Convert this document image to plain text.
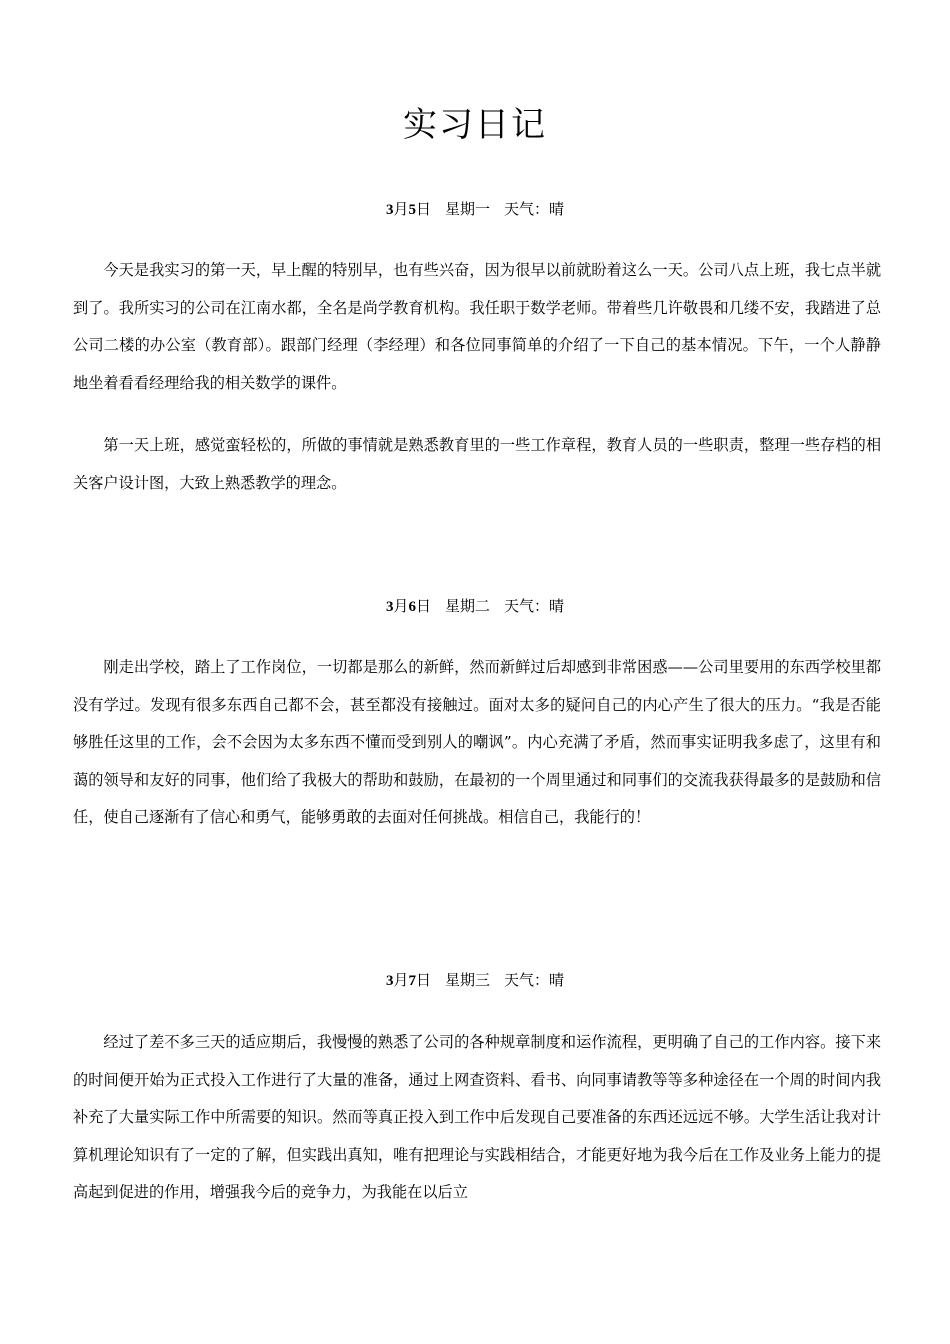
实习日记
3月5日 星期一 天气：晴

今天是我实习的第一天，早上醒的特别早，也有些兴奋，因为很早以前就盼着这么一天。公司八点上班，我七点半就到了。我所实习的公司在江南水都，全名是尚学教育机构。我任职于数学老师。带着些几许敬畏和几缕不安，我踏进了总公司二楼的办公室（教育部）。跟部门经理（李经理）和各位同事简单的介绍了一下自己的基本情况。下午，一个人静静地坐着看看经理给我的相关数学的课件。

第一天上班，感觉蛮轻松的，所做的事情就是熟悉教育里的一些工作章程，教育人员的一些职责，整理一些存档的相关客户设计图，大致上熟悉教学的理念。

3月6日 星期二 天气：晴

刚走出学校，踏上了工作岗位，一切都是那么的新鲜，然而新鲜过后却感到非常困惑——公司里要用的东西学校里都没有学过。发现有很多东西自己都不会，甚至都没有接触过。面对太多的疑问自己的内心产生了很大的压力。“我是否能够胜任这里的工作，会不会因为太多东西不懂而受到别人的嘲讽”。内心充满了矛盾，然而事实证明我多虑了，这里有和蔼的领导和友好的同事，他们给了我极大的帮助和鼓励，在最初的一个周里通过和同事们的交流我获得最多的是鼓励和信任，使自己逐渐有了信心和勇气，能够勇敢的去面对任何挑战。相信自己，我能行的！

3月7日 星期三 天气：晴

经过了差不多三天的适应期后，我慢慢的熟悉了公司的各种规章制度和运作流程，更明确了自己的工作内容。接下来的时间便开始为正式投入工作进行了大量的准备，通过上网查资料、看书、向同事请教等等多种途径在一个周的时间内我补充了大量实际工作中所需要的知识。然而等真正投入到工作中后发现自己要准备的东西还远远不够。大学生活让我对计算机理论知识有了一定的了解，但实践出真知，唯有把理论与实践相结合，才能更好地为我今后在工作及业务上能力的提高起到促进的作用，增强我今后的竞争力，为我能在以后立
